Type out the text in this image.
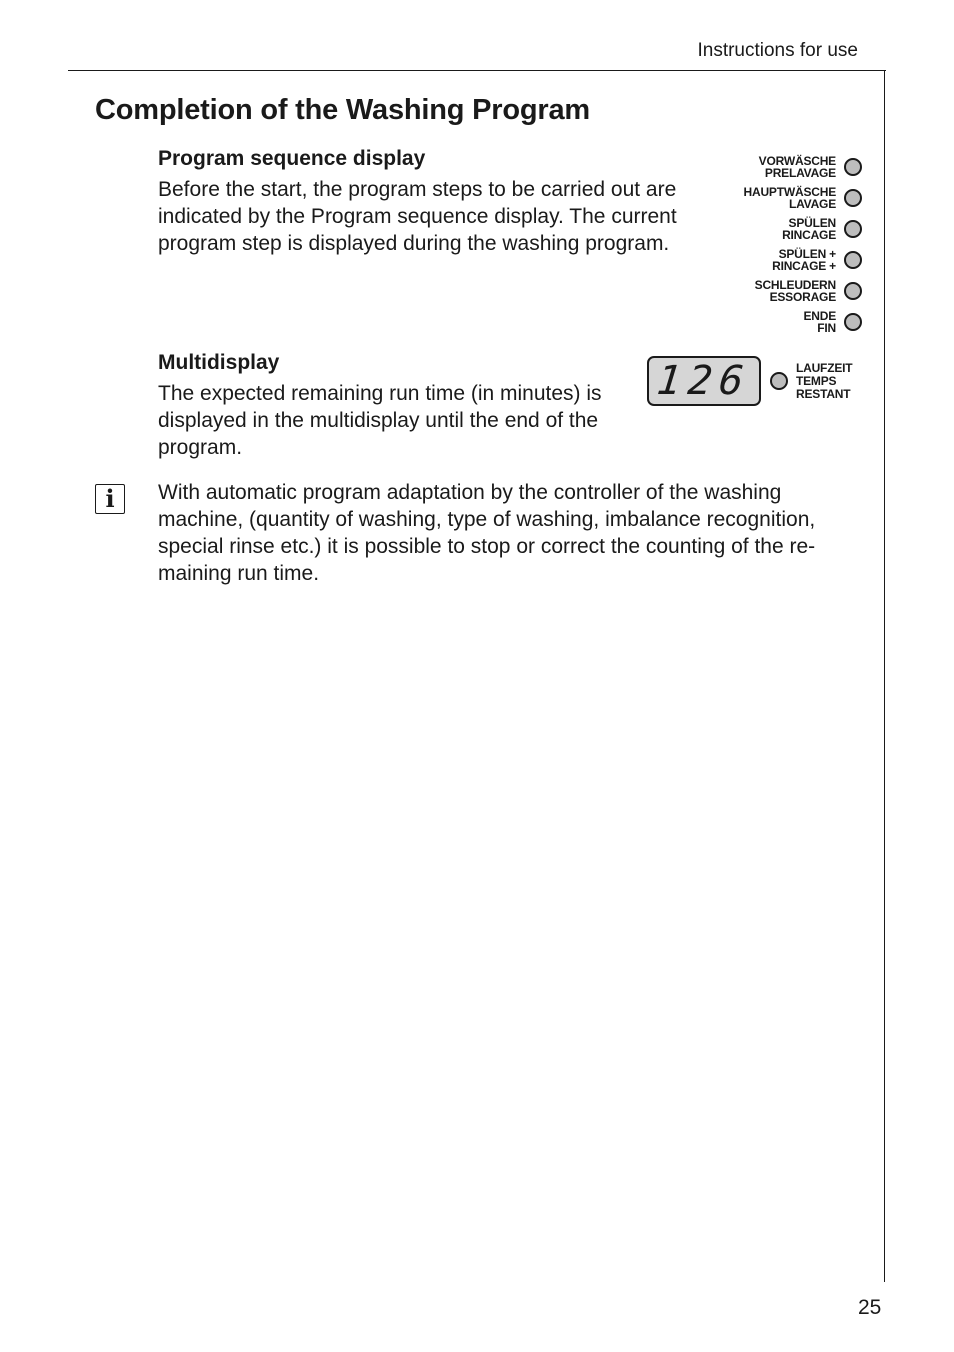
Instructions for use
Completion of the Washing Program
Program sequence display

Before the start, the program steps to be carried out are indicated by the Program sequence display. The current program step is displayed during the washing program.

VORWÄSCHE
PRELAVAGE
HAUPTWÄSCHE
LAVAGE
SPÜLEN
RINCAGE
SPÜLEN +
RINCAGE +
SCHLEUDERN
ESSORAGE
ENDE
FIN
Multidisplay

The expected remaining run time (in minutes) is displayed in the multidisplay until the end of the program.

126	LAUFZEIT
TEMPS
RESTANT
i	With automatic program adaptation by the controller of the washing machine, (quantity of washing, type of washing, imbalance recognition, special rinse etc.) it is possible to stop or correct the counting of the re-maining run time.

25
